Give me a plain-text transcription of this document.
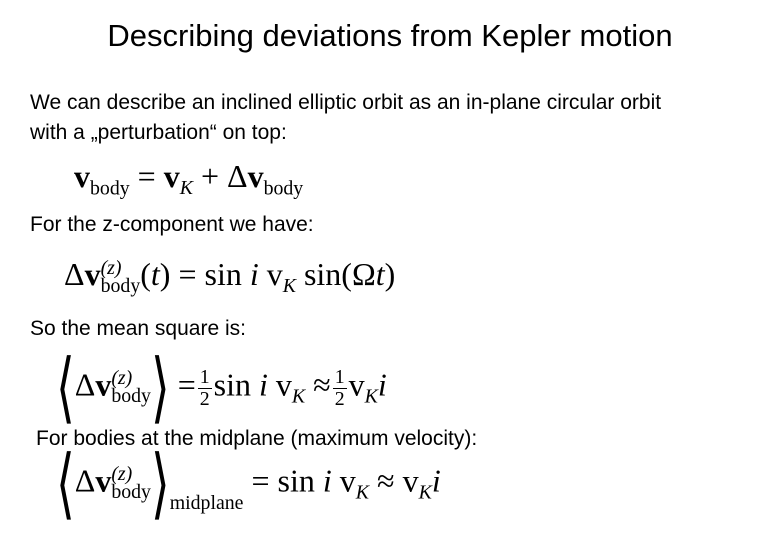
Describing deviations from Kepler motion
We can describe an inclined elliptic orbit as an in-plane circular orbit
with a „perturbation“ on top:
$v_{body} = v_K + \Delta v_{body}$
For the z-component we have:
Δv (z)
body (t) = sin i $v_K$ sin(Ωt)
So the mean square is:
⟨Δv (z)
body ⟩ = $\frac{1}{2}$ sin i $v_K \approx \frac{1}{2} v_Ki$
For bodies at the midplane (maximum velocity):
⟨Δv (z)
body $⟩_{midplane} = \sin i$ $v_K \approx v_Ki$
